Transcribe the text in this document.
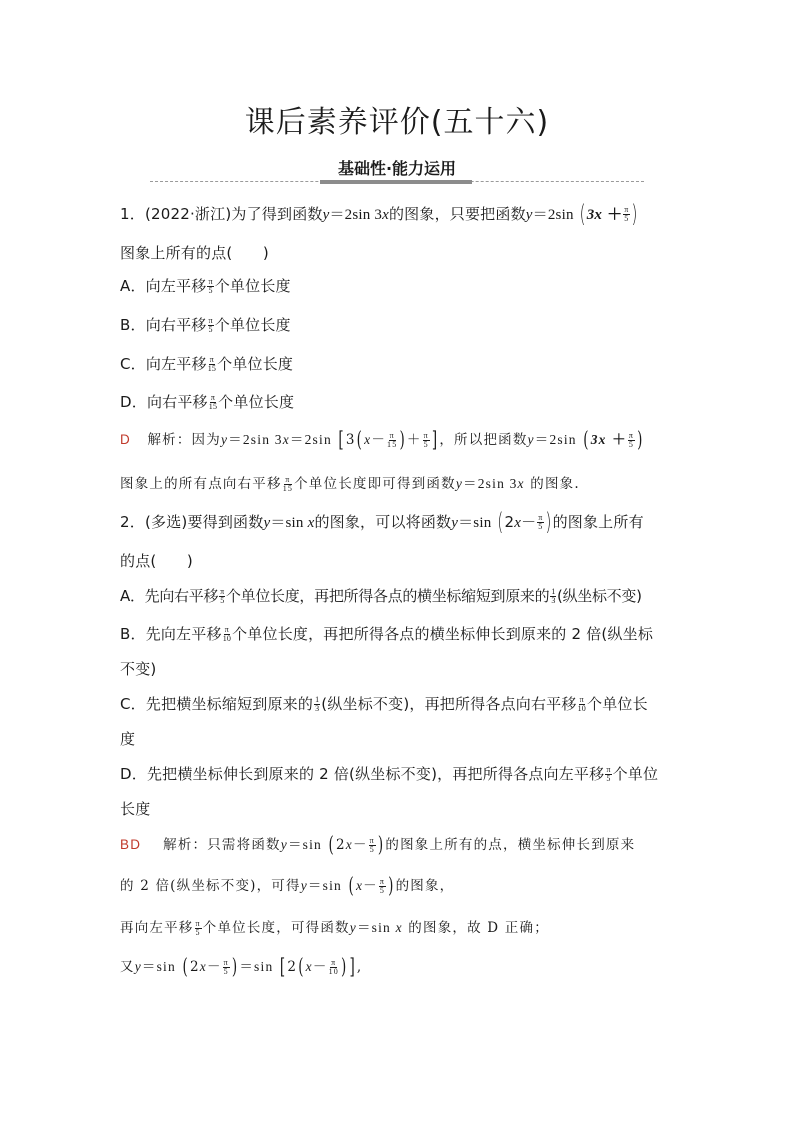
课后素养评价(五十六)
基础性·能力运用
1．(2022·浙江)为了得到函数y＝2sin 3x的图象，只要把函数y＝2sin ($3x + \frac{\pi}{5}$ )
图象上所有的点(　　)
A．向左平移 $\frac{\pi}{5}$ 个单位长度
B．向右平移 $\frac{\pi}{5}$ 个单位长度
C．向左平移 $\frac{\pi}{15}$ 个单位长度
D．向右平移 $\frac{\pi}{15}$ 个单位长度
D 解析：因为y＝2sin 3x＝2sin [$3(x- \frac{\pi}{15}$ )＋ $\frac{\pi}{5}$ ]，所以把函数y＝2sin ($3x + \frac{\pi}{5}$ )
图象上的所有点向右平移 $\frac{\pi}{15}$ 个单位长度即可得到函数y＝2sin 3x 的图象.
2．(多选)要得到函数y＝sin x的图象，可以将函数y＝sin ($2x- \frac{\pi}{5}$ )的图象上所有
的点(　　)
A．先向右平移 $\frac{\pi}{5}$ 个单位长度，再把所得各点的横坐标缩短到原来的 $\frac{1}{3}$ (纵坐标不变)
B．先向左平移 $\frac{\pi}{10}$ 个单位长度，再把所得各点的横坐标伸长到原来的 2 倍(纵坐标
不变)
C．先把横坐标缩短到原来的 $\frac{1}{3}$ (纵坐标不变)，再把所得各点向右平移 $\frac{\pi}{10}$ 个单位长
度
D．先把横坐标伸长到原来的 2 倍(纵坐标不变)，再把所得各点向左平移 $\frac{\pi}{5}$ 个单位
长度
BD 解析：只需将函数y＝sin ($2x- \frac{\pi}{5}$ )的图象上所有的点，横坐标伸长到原来
的 2 倍(纵坐标不变)，可得y＝sin ($x- \frac{\pi}{5}$ )的图象，
再向左平移 $\frac{\pi}{5}$ 个单位长度，可得函数y＝sin x 的图象，故 D 正确；
又y＝sin $(2x- \frac{\pi}{5} )=\sin$ [$2(x- \frac{\pi}{10}$ ) ],
